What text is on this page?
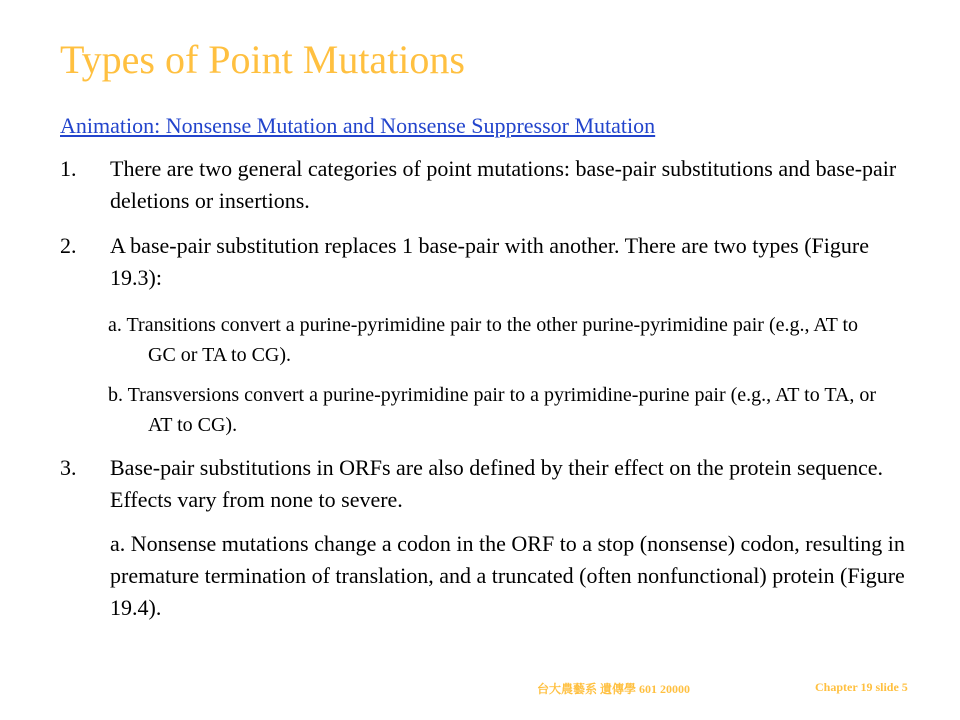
Types of Point Mutations
Animation: Nonsense Mutation and Nonsense Suppressor Mutation
1. There are two general categories of point mutations: base-pair substitutions and base-pair deletions or insertions.
2. A base-pair substitution replaces 1 base-pair with another. There are two types (Figure 19.3):
a. Transitions convert a purine-pyrimidine pair to the other purine-pyrimidine pair (e.g., AT to GC or TA to CG).
b. Transversions convert a purine-pyrimidine pair to a pyrimidine-purine pair (e.g., AT to TA, or AT to CG).
3. Base-pair substitutions in ORFs are also defined by their effect on the protein sequence. Effects vary from none to severe.
a. Nonsense mutations change a codon in the ORF to a stop (nonsense) codon, resulting in premature termination of translation, and a truncated (often nonfunctional) protein (Figure 19.4).
台大農藝系 遺傳學 601 20000	Chapter 19 slide 5
